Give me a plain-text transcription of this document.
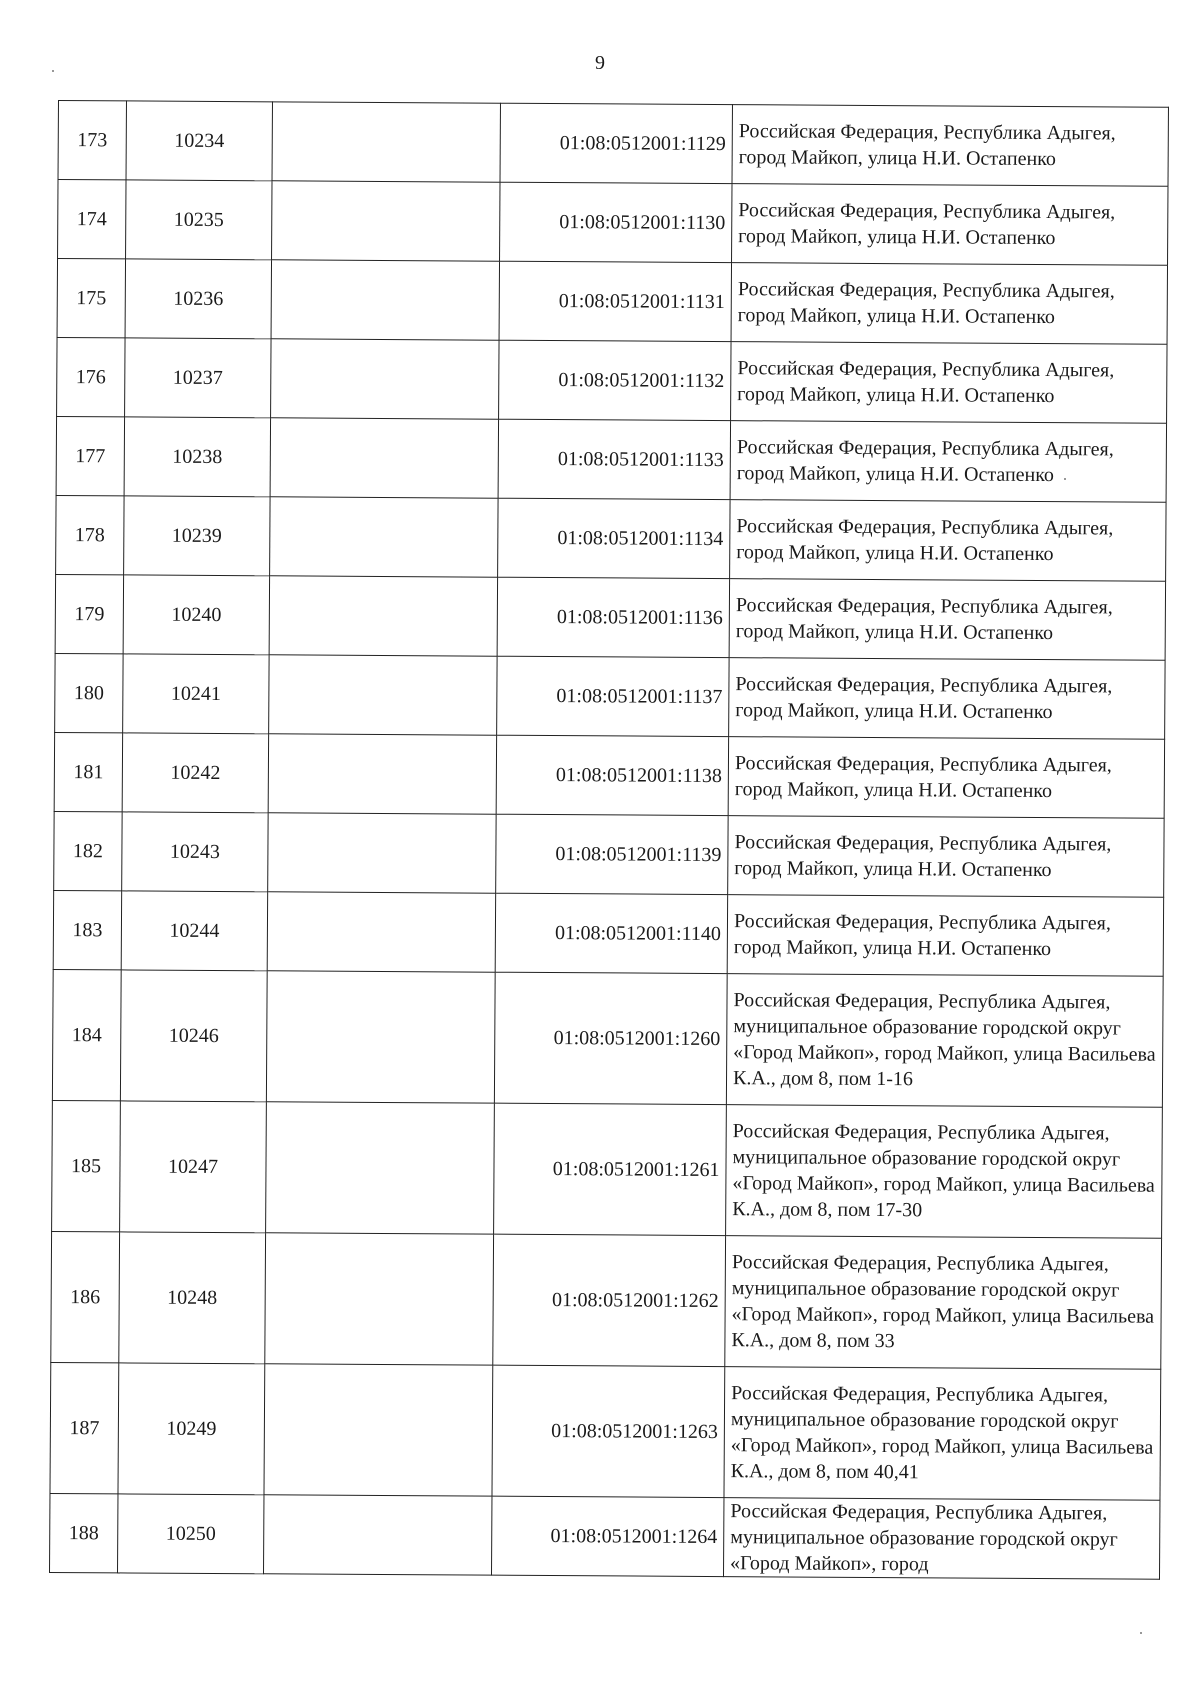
9
173	10234		01:08:0512001:1129	Российская Федерация, Республика Адыгея, город Майкоп, улица Н.И. Остапенко

174	10235		01:08:0512001:1130	Российская Федерация, Республика Адыгея, город Майкоп, улица Н.И. Остапенко

175	10236		01:08:0512001:1131	Российская Федерация, Республика Адыгея, город Майкоп, улица Н.И. Остапенко

176	10237		01:08:0512001:1132	Российская Федерация, Республика Адыгея, город Майкоп, улица Н.И. Остапенко

177	10238		01:08:0512001:1133	Российская Федерация, Республика Адыгея, город Майкоп, улица Н.И. Остапенко

178	10239		01:08:0512001:1134	Российская Федерация, Республика Адыгея, город Майкоп, улица Н.И. Остапенко

179	10240		01:08:0512001:1136	Российская Федерация, Республика Адыгея, город Майкоп, улица Н.И. Остапенко

180	10241		01:08:0512001:1137	Российская Федерация, Республика Адыгея, город Майкоп, улица Н.И. Остапенко

181	10242		01:08:0512001:1138	Российская Федерация, Республика Адыгея, город Майкоп, улица Н.И. Остапенко

182	10243		01:08:0512001:1139	Российская Федерация, Республика Адыгея, город Майкоп, улица Н.И. Остапенко

183	10244		01:08:0512001:1140	Российская Федерация, Республика Адыгея, город Майкоп, улица Н.И. Остапенко

184	10246		01:08:0512001:1260	Российская Федерация, Республика Адыгея, муниципальное образование городской округ «Город Майкоп», город Майкоп, улица Васильева К.А., дом 8, пом 1-16

185	10247		01:08:0512001:1261	Российская Федерация, Республика Адыгея, муниципальное образование городской округ «Город Майкоп», город Майкоп, улица Васильева К.А., дом 8, пом 17-30

186	10248		01:08:0512001:1262	Российская Федерация, Республика Адыгея, муниципальное образование городской округ «Город Майкоп», город Майкоп, улица Васильева К.А., дом 8, пом 33

187	10249		01:08:0512001:1263	Российская Федерация, Республика Адыгея, муниципальное образование городской округ «Город Майкоп», город Майкоп, улица Васильева К.А., дом 8, пом 40,41

188	10250		01:08:0512001:1264	Российская Федерация, Республика Адыгея, муниципальное образование городской округ «Город Майкоп», город
